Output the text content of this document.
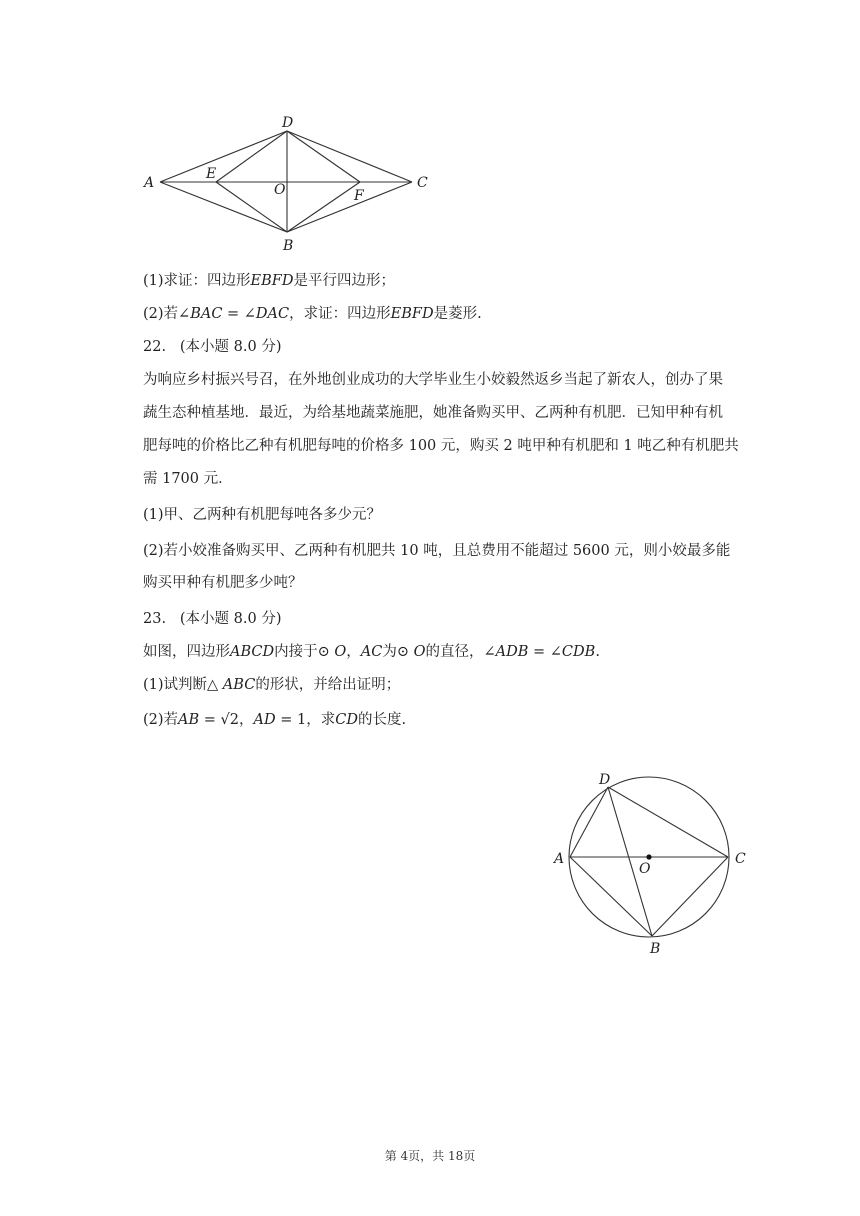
D
A	C
B
E
O	F
(1)求证：四边形EBFD是平行四边形；
(2)若∠BAC = ∠DAC，求证：四边形EBFD是菱形.
22. (本小题 8.0 分)
为响应乡村振兴号召，在外地创业成功的大学毕业生小姣毅然返乡当起了新农人，创办了果
蔬生态种植基地．最近，为给基地蔬菜施肥，她准备购买甲、乙两种有机肥．已知甲种有机
肥每吨的价格比乙种有机肥每吨的价格多 100 元，购买 2 吨甲种有机肥和 1 吨乙种有机肥共
需 1700 元．
(1)甲、乙两种有机肥每吨各多少元？
(2)若小姣准备购买甲、乙两种有机肥共 10 吨，且总费用不能超过 5600 元，则小姣最多能
购买甲种有机肥多少吨？
23. (本小题 8.0 分)
如图，四边形ABCD内接于⊙ O，AC为⊙ O的直径，∠ADB = ∠CDB.
(1)试判断△ ABC的形状，并给出证明；
(2)若AB = √2，AD = 1，求CD的长度.
D
A	C
O
B
第 4页，共 18页
